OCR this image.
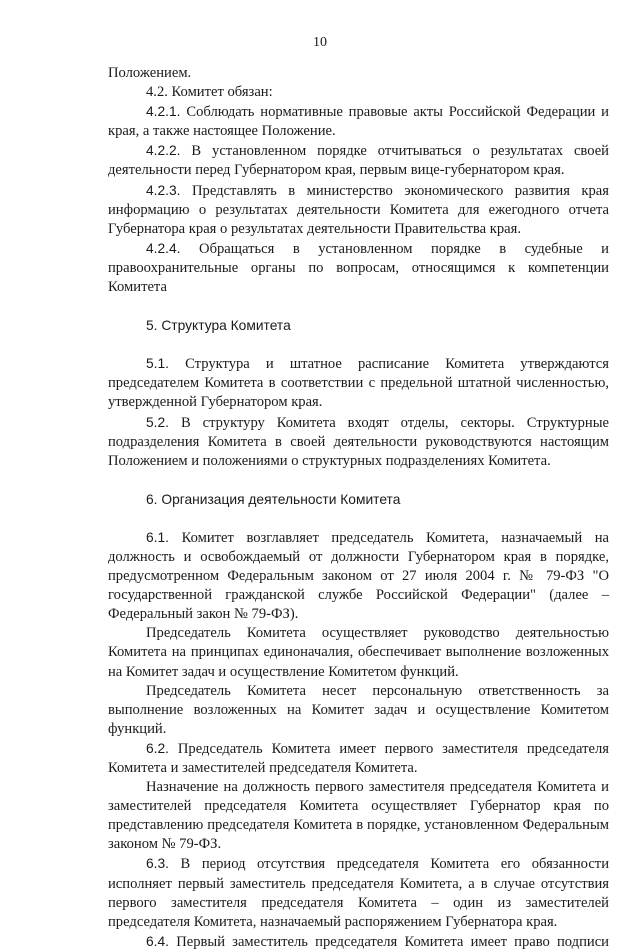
10

Положением.

4.2. Комитет обязан:

4.2.1. Соблюдать нормативные правовые акты Российской Федерации и края, а также настоящее Положение.

4.2.2. В установленном порядке отчитываться о результатах своей деятельности перед Губернатором края, первым вице-губернатором края.

4.2.3. Представлять в министерство экономического развития края информацию о результатах деятельности Комитета для ежегодного отчета Губернатора края о результатах деятельности Правительства края.

4.2.4. Обращаться в установленном порядке в судебные и правоохранительные органы по вопросам, относящимся к компетенции Комитета

5. Структура Комитета

5.1. Структура и штатное расписание Комитета утверждаются председателем Комитета в соответствии с предельной штатной численностью, утвержденной Губернатором края.

5.2. В структуру Комитета входят отделы, секторы. Структурные подразделения Комитета в своей деятельности руководствуются настоящим Положением и положениями о структурных подразделениях Комитета.

6. Организация деятельности Комитета

6.1. Комитет возглавляет председатель Комитета, назначаемый на должность и освобождаемый от должности Губернатором края в порядке, предусмотренном Федеральным законом от 27 июля 2004 г. № 79-ФЗ "О государственной гражданской службе Российской Федерации" (далее – Федеральный закон № 79-ФЗ).

Председатель Комитета осуществляет руководство деятельностью Комитета на принципах единоначалия, обеспечивает выполнение возложенных на Комитет задач и осуществление Комитетом функций.

Председатель Комитета несет персональную ответственность за выполнение возложенных на Комитет задач и осуществление Комитетом функций.

6.2. Председатель Комитета имеет первого заместителя председателя Комитета и заместителей председателя Комитета.

Назначение на должность первого заместителя председателя Комитета и заместителей председателя Комитета осуществляет Губернатор края по представлению председателя Комитета в порядке, установленном Федеральным законом № 79-ФЗ.

6.3. В период отсутствия председателя Комитета его обязанности исполняет первый заместитель председателя Комитета, а в случае отсутствия первого заместителя председателя Комитета – один из заместителей председателя Комитета, назначаемый распоряжением Губернатора края.

6.4. Первый заместитель председателя Комитета имеет право подписи
